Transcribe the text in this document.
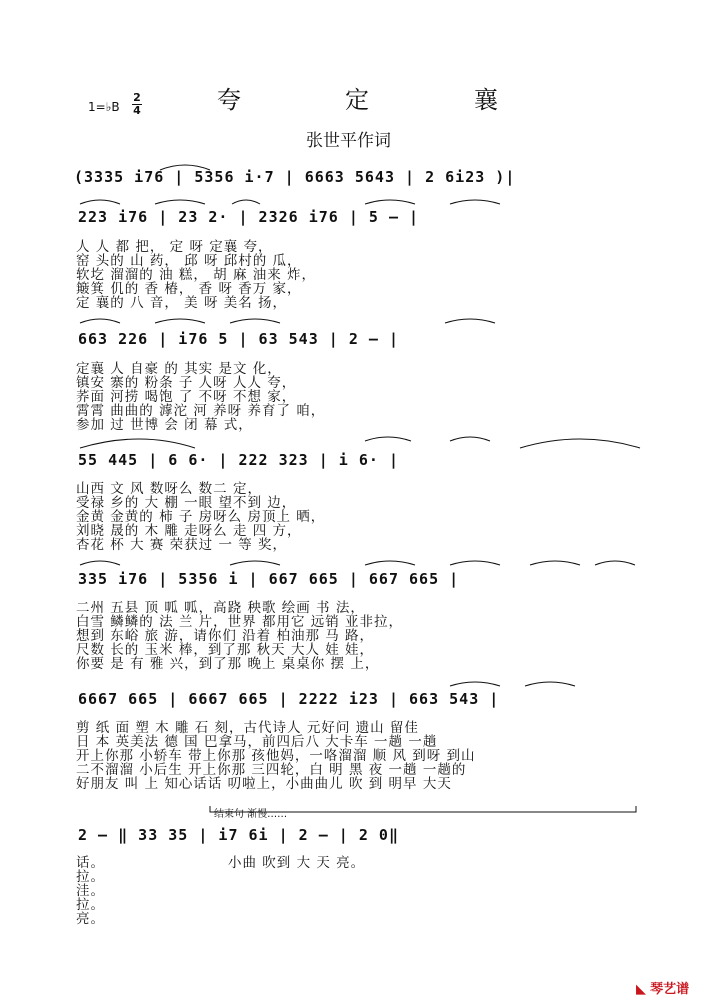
1=♭B
2
4	夸	定	襄
张世平作词
(3335 i76 | 5356 i·7 | 6663 5643 | 2 6i23 )|
223 i76 | 23 2· | 2326 i76 | 5 — |
人 人 都 把， 定 呀 定襄 夸，
窑 头的 山 药， 邱 呀 邱村的 瓜，
软圪 溜溜的 油 糕， 胡 麻 油来 炸，
簸箕 仉的 香 椿， 香 呀 香万 家，
定 襄的 八 音， 美 呀 美名 扬，
663 226 | i76 5 | 63 543 | 2 — |
定襄 人 自豪 的 其实 是文 化，
镇安 寨的 粉条 子 人呀 人人 夸，
荞面 河捞 喝饱 了 不呀 不想 家，
霄霄 曲曲的 滹沱 河 养呀 养育了 咱，
参加 过 世博 会 闭 幕 式，
55 445 | 6 6· | 222 323 | i 6· |
山西 文 风 数呀么 数二 定，
受禄 乡的 大 棚 一眼 望不到 边，
金黄 金黄的 柿 子 房呀么 房顶上 晒，
刘晓 晟的 木 雕 走呀么 走 四 方，
杏花 杯 大 赛 荣获过 一 等 奖，
335 i76 | 5356 i | 667 665 | 667 665 |
二州 五县 顶 呱 呱，高跷 秧歌 绘画 书 法，
白雪 鳞鳞的 法 兰 片，世界 都用它 远销 亚非拉，
想到 东峪 旅 游，请你们 沿着 柏油那 马 路，
尺数 长的 玉米 棒，到了那 秋天 大人 娃 娃，
你要 是 有 雅 兴，到了那 晚上 桌桌你 摆 上，
6667 665 | 6667 665 | 2222 i23 | 663 543 |
剪 纸 面 塑 木 雕 石 刻，古代诗人 元好问 遗山 留佳
日 本 英美法 德 国 巴拿马，前四后八 大卡车 一趟 一趟
开上你那 小轿车 带上你那 孩他妈，一咯溜溜 顺 风 到呀 到山
二不溜溜 小后生 开上你那 三四轮，白 明 黑 夜 一趟 一趟的
好朋友 叫 上 知心话话 叨啦上，小曲曲儿 吹 到 明早 大天
结束句 渐慢……
2 — ‖ 33 35 | i7 6i | 2 — | 2 0‖
话。
拉。
洼。
拉。
亮。
小曲 吹到 大 天 亮。
◣ 琴艺谱
